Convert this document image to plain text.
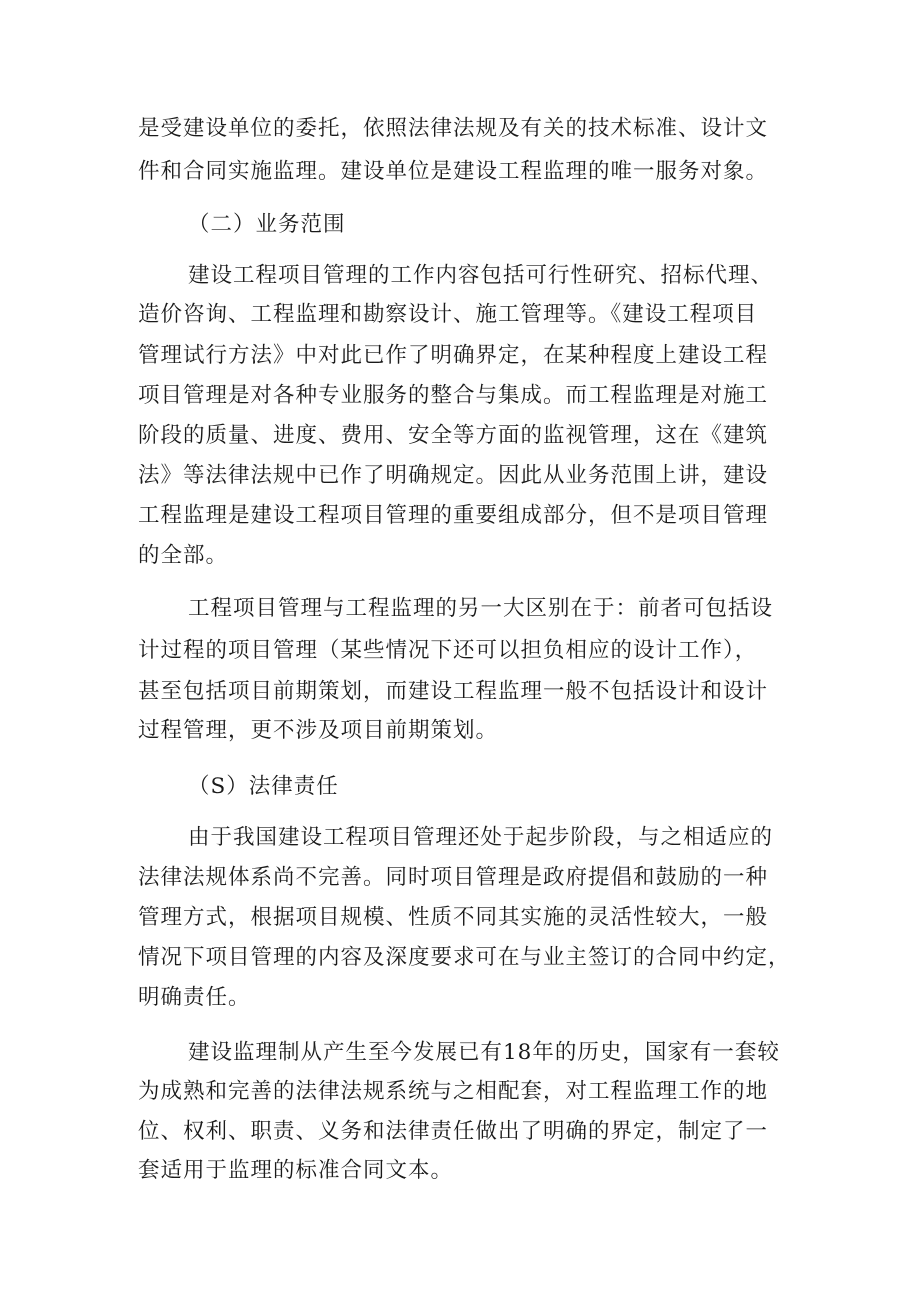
是受建设单位的委托，依照法律法规及有关的技术标准、设计文
件和合同实施监理。建设单位是建设工程监理的唯一服务对象。
（二）业务范围
建设工程项目管理的工作内容包括可行性研究、招标代理、
造价咨询、工程监理和勘察设计、施工管理等。《建设工程项目
管理试行方法》中对此已作了明确界定，在某种程度上建设工程
项目管理是对各种专业服务的整合与集成。而工程监理是对施工
阶段的质量、进度、费用、安全等方面的监视管理，这在《建筑
法》等法律法规中已作了明确规定。因此从业务范围上讲，建设
工程监理是建设工程项目管理的重要组成部分，但不是项目管理
的全部。
工程项目管理与工程监理的另一大区别在于：前者可包括设
计过程的项目管理（某些情况下还可以担负相应的设计工作），
甚至包括项目前期策划，而建设工程监理一般不包括设计和设计
过程管理，更不涉及项目前期策划。
（S）法律责任
由于我国建设工程项目管理还处于起步阶段，与之相适应的
法律法规体系尚不完善。同时项目管理是政府提倡和鼓励的一种
管理方式，根据项目规模、性质不同其实施的灵活性较大，一般
情况下项目管理的内容及深度要求可在与业主签订的合同中约定，
明确责任。
建设监理制从产生至今发展已有18年的历史，国家有一套较
为成熟和完善的法律法规系统与之相配套，对工程监理工作的地
位、权利、职责、义务和法律责任做出了明确的界定，制定了一
套适用于监理的标准合同文本。
